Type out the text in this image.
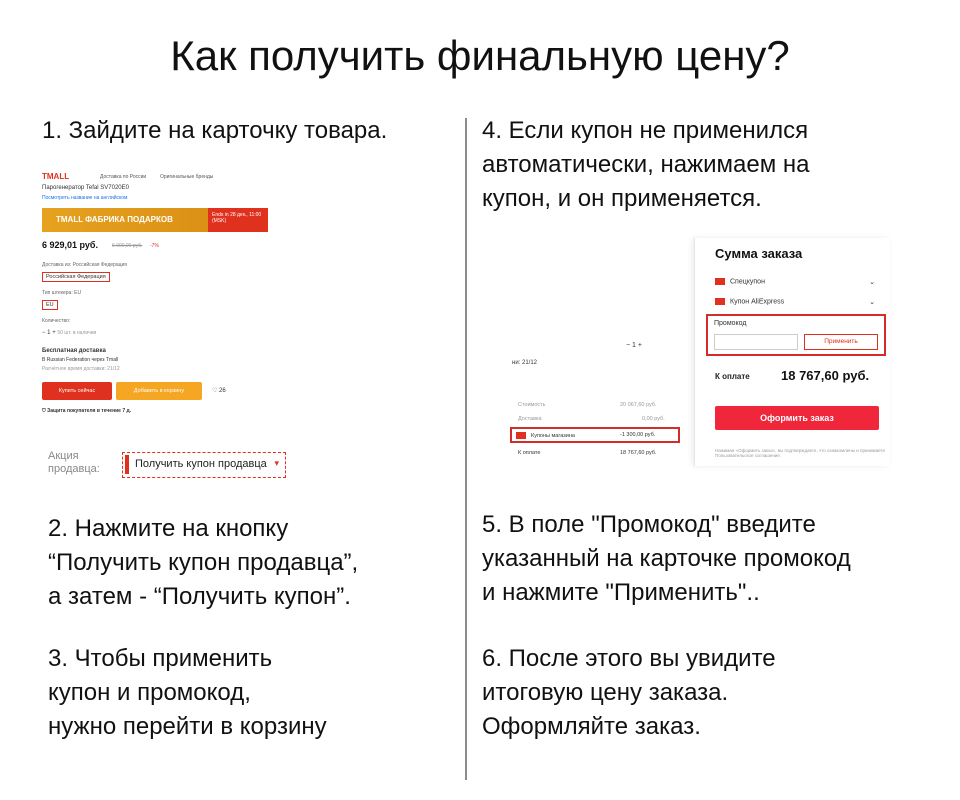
Как получить финальную цену?
1. Зайдите на карточку товара.
TMALL	Доставка по России	Оригинальные бренды
Парогенератор Tefal SV7020E0
Посмотреть название на английском
TMALL ФАБРИКА ПОДАРКОВ	Ends in 28 дек., 11:00 (MSK)
6 929,01 руб.	6 000,00 руб. -7%
Доставка из: Российская Федерация
Российская Федерация
Тип штекера: EU
EU
Количество:
− 1 + 50 шт. в наличии
Бесплатная доставка
В Russian Federation через Tmall
Расчётное время доставки: 21/12
Купить сейчас	Добавить в корзину	♡ 26
⛉ Защита покупателя в течение 7 д.
Акция
продавца:	Получить купон продавца ▾
2. Нажмите на кнопку
“Получить купон продавца”,
а затем - “Получить купон”.
3. Чтобы применить
купон и промокод,
нужно перейти в корзину
4. Если купон не применился
автоматически, нажимаем на
купон, и он применяется.
− 1 +
ни: 21/12
Стоимость	20 067,60 руб.
Доставка	0,00 руб.
Купоны магазина	-1 300,00 руб.
К оплате	18 767,60 руб.
Сумма заказа
Спецкупон	⌄
Купон AliExpress	⌄
К оплате 18 767,60 руб.
Оформить заказ
Нажимая «Оформить заказ», вы подтверждаете, что ознакомлены и принимаете Пользовательское соглашение.
Промокод
Применить
5. В поле "Промокод" введите
указанный на карточке промокод
и нажмите "Применить"..
6. После этого вы увидите
итоговую цену заказа.
Оформляйте заказ.
